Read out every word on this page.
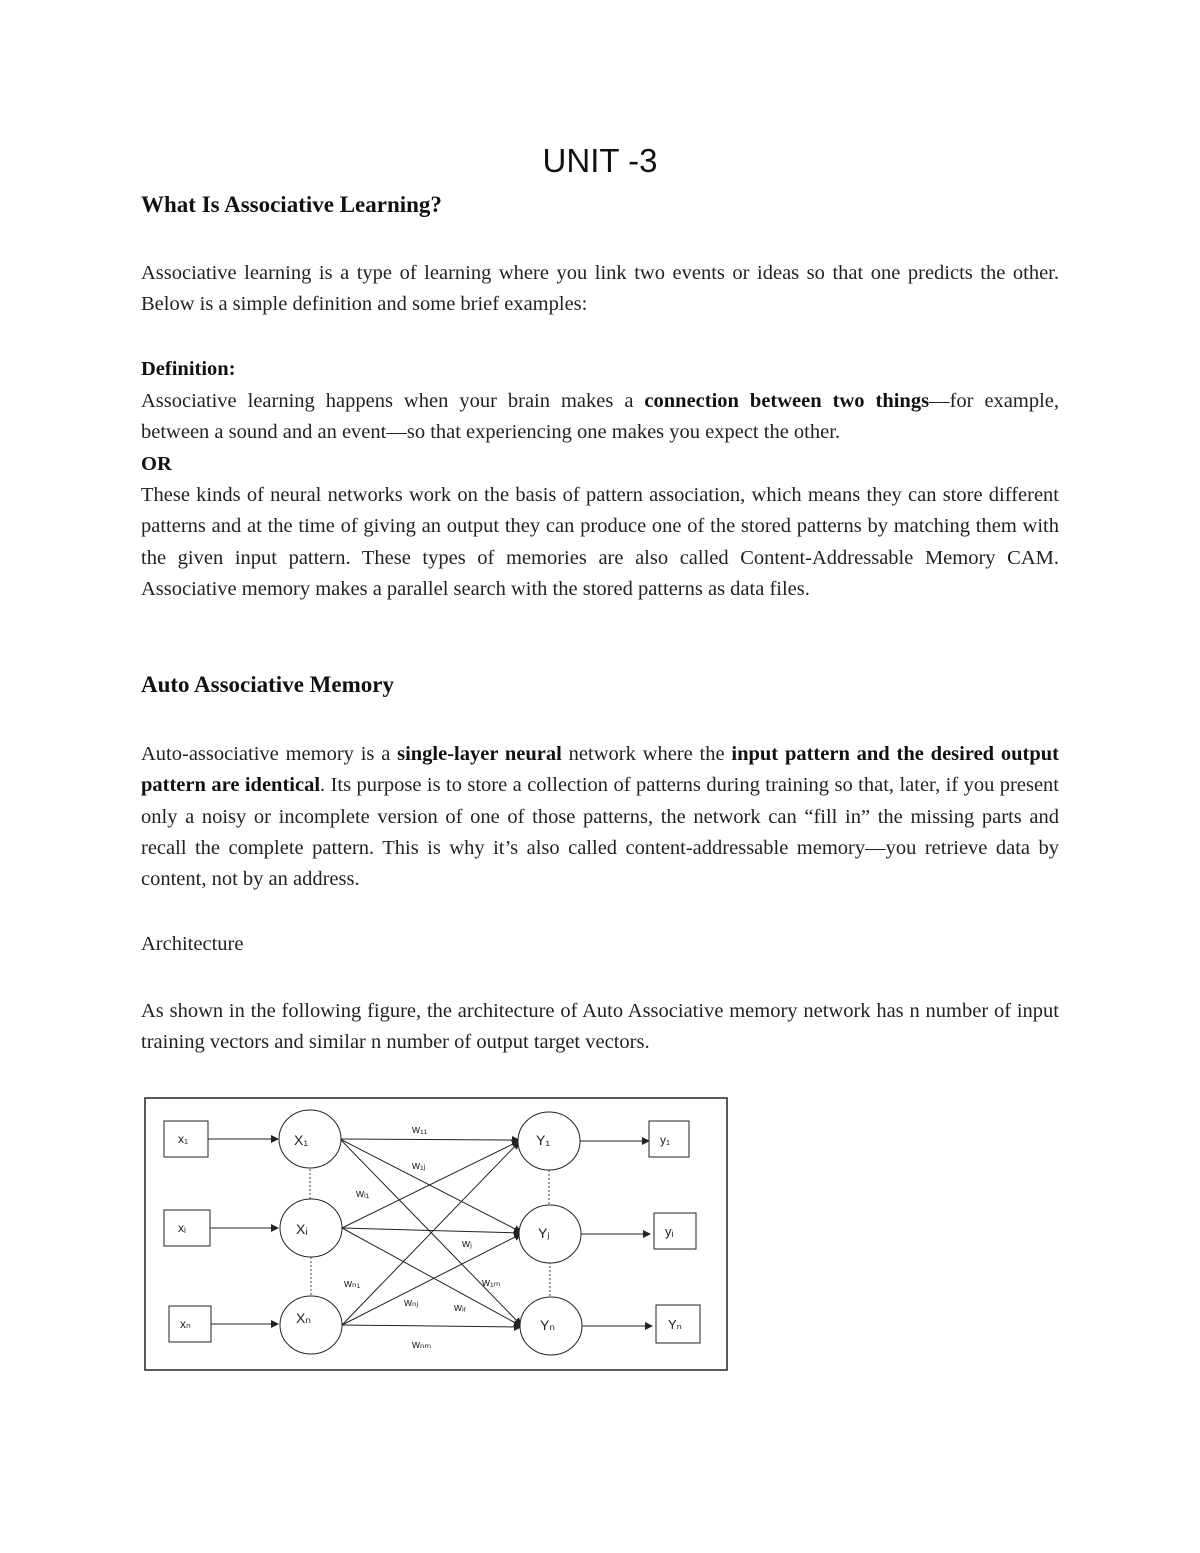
UNIT -3
What Is Associative Learning?
Associative learning is a type of learning where you link two events or ideas so that one predicts the other. Below is a simple definition and some brief examples:
Definition:
Associative learning happens when your brain makes a connection between two things—for example, between a sound and an event—so that experiencing one makes you expect the other.
OR
These kinds of neural networks work on the basis of pattern association, which means they can store different patterns and at the time of giving an output they can produce one of the stored patterns by matching them with the given input pattern. These types of memories are also called Content-Addressable Memory CAM. Associative memory makes a parallel search with the stored patterns as data files.
Auto Associative Memory
Auto-associative memory is a single-layer neural network where the input pattern and the desired output pattern are identical. Its purpose is to store a collection of patterns during training so that, later, if you present only a noisy or incomplete version of one of those patterns, the network can “fill in” the missing parts and recall the complete pattern. This is why it’s also called content-addressable memory—you retrieve data by content, not by an address.
Architecture
As shown in the following figure, the architecture of Auto Associative memory network has n number of input training vectors and similar n number of output target vectors.
x₁
xᵢ
xₙ
X₁
Xᵢ
Xₙ
Y₁
Yⱼ
Yₙ
y₁
yᵢ
Yₙ
w₁₁
w₁ⱼ
wᵢ₁
wⱼ
w₁ₘ
wₙ₁
wₙⱼ	wᵢᵣ
wₙₘ
